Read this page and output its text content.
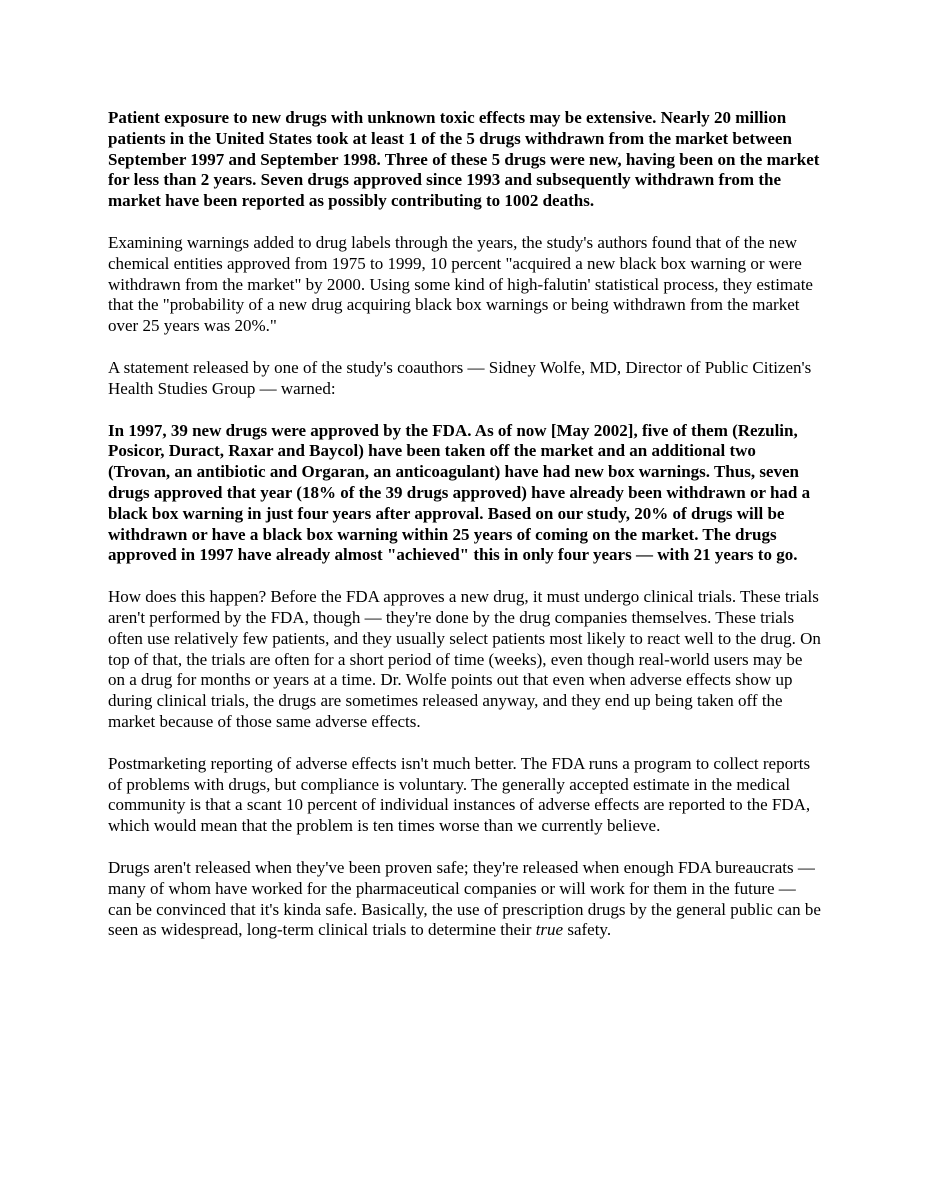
Patient exposure to new drugs with unknown toxic effects may be extensive. Nearly 20 million patients in the United States took at least 1 of the 5 drugs withdrawn from the market between September 1997 and September 1998. Three of these 5 drugs were new, having been on the market for less than 2 years. Seven drugs approved since 1993 and subsequently withdrawn from the market have been reported as possibly contributing to 1002 deaths.

Examining warnings added to drug labels through the years, the study's authors found that of the new chemical entities approved from 1975 to 1999, 10 percent "acquired a new black box warning or were withdrawn from the market" by 2000. Using some kind of high-falutin' statistical process, they estimate that the "probability of a new drug acquiring black box warnings or being withdrawn from the market over 25 years was 20%."

A statement released by one of the study's coauthors — Sidney Wolfe, MD, Director of Public Citizen's Health Studies Group — warned:

In 1997, 39 new drugs were approved by the FDA. As of now [May 2002], five of them (Rezulin, Posicor, Duract, Raxar and Baycol) have been taken off the market and an additional two (Trovan, an antibiotic and Orgaran, an anticoagulant) have had new box warnings. Thus, seven drugs approved that year (18% of the 39 drugs approved) have already been withdrawn or had a black box warning in just four years after approval. Based on our study, 20% of drugs will be withdrawn or have a black box warning within 25 years of coming on the market. The drugs approved in 1997 have already almost "achieved" this in only four years — with 21 years to go.

How does this happen? Before the FDA approves a new drug, it must undergo clinical trials. These trials aren't performed by the FDA, though — they're done by the drug companies themselves. These trials often use relatively few patients, and they usually select patients most likely to react well to the drug. On top of that, the trials are often for a short period of time (weeks), even though real-world users may be on a drug for months or years at a time. Dr. Wolfe points out that even when adverse effects show up during clinical trials, the drugs are sometimes released anyway, and they end up being taken off the market because of those same adverse effects.

Postmarketing reporting of adverse effects isn't much better. The FDA runs a program to collect reports of problems with drugs, but compliance is voluntary. The generally accepted estimate in the medical community is that a scant 10 percent of individual instances of adverse effects are reported to the FDA, which would mean that the problem is ten times worse than we currently believe.

Drugs aren't released when they've been proven safe; they're released when enough FDA bureaucrats — many of whom have worked for the pharmaceutical companies or will work for them in the future — can be convinced that it's kinda safe. Basically, the use of prescription drugs by the general public can be seen as widespread, long-term clinical trials to determine their true safety.
